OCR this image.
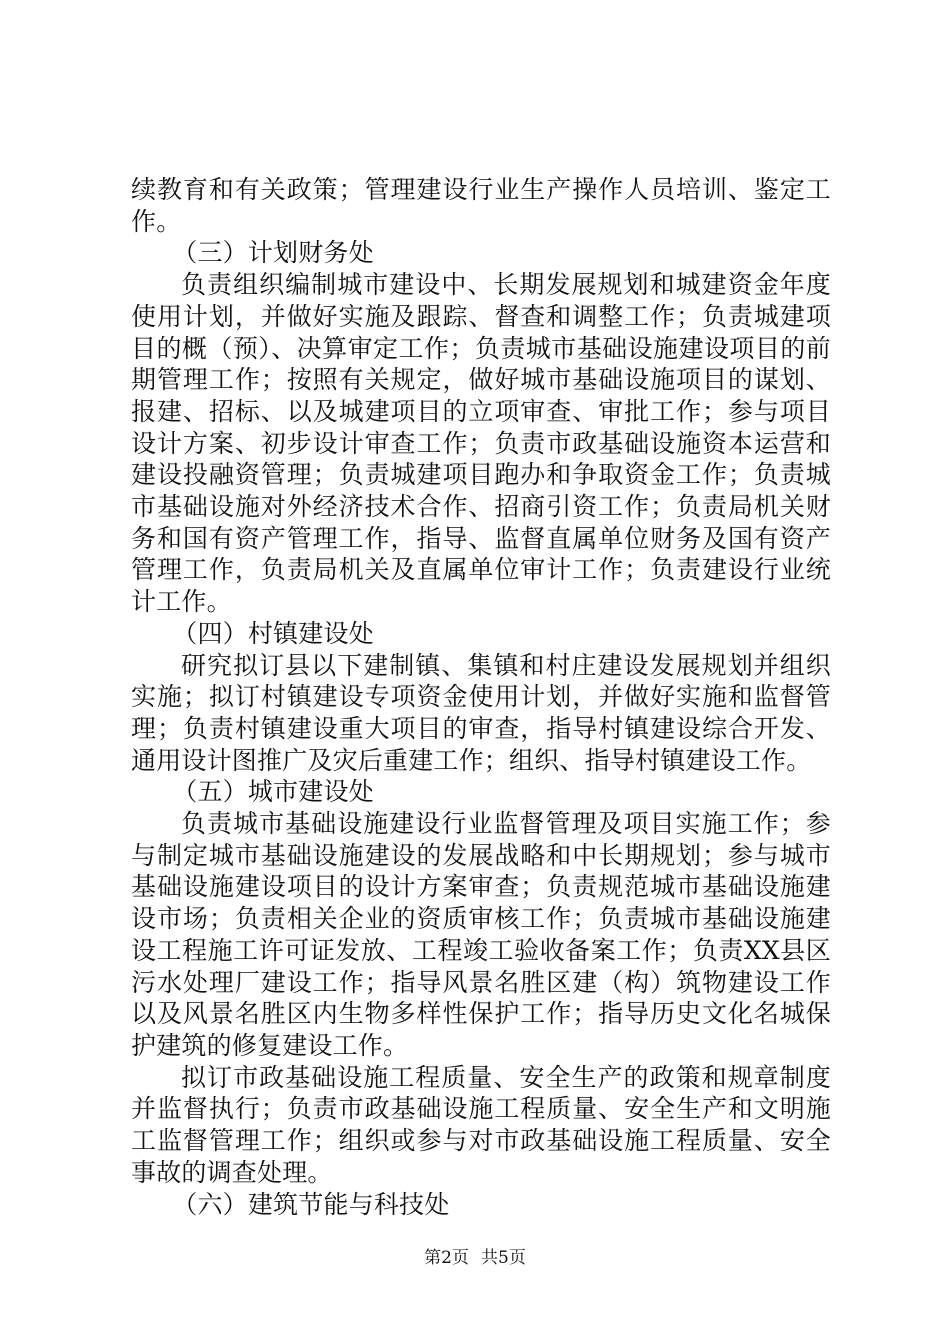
续教育和有关政策；管理建设行业生产操作人员培训、鉴定工作。

（三）计划财务处

负责组织编制城市建设中、长期发展规划和城建资金年度使用计划，并做好实施及跟踪、督查和调整工作；负责城建项目的概（预）、决算审定工作；负责城市基础设施建设项目的前期管理工作；按照有关规定，做好城市基础设施项目的谋划、报建、招标、以及城建项目的立项审查、审批工作；参与项目设计方案、初步设计审查工作；负责市政基础设施资本运营和建设投融资管理；负责城建项目跑办和争取资金工作；负责城市基础设施对外经济技术合作、招商引资工作；负责局机关财务和国有资产管理工作，指导、监督直属单位财务及国有资产管理工作，负责局机关及直属单位审计工作；负责建设行业统计工作。

（四）村镇建设处

研究拟订县以下建制镇、集镇和村庄建设发展规划并组织实施；拟订村镇建设专项资金使用计划，并做好实施和监督管理；负责村镇建设重大项目的审查，指导村镇建设综合开发、通用设计图推广及灾后重建工作；组织、指导村镇建设工作。

（五）城市建设处

负责城市基础设施建设行业监督管理及项目实施工作；参与制定城市基础设施建设的发展战略和中长期规划；参与城市基础设施建设项目的设计方案审查；负责规范城市基础设施建设市场；负责相关企业的资质审核工作；负责城市基础设施建设工程施工许可证发放、工程竣工验收备案工作；负责XX县区污水处理厂建设工作；指导风景名胜区建（构）筑物建设工作以及风景名胜区内生物多样性保护工作；指导历史文化名城保护建筑的修复建设工作。

拟订市政基础设施工程质量、安全生产的政策和规章制度并监督执行；负责市政基础设施工程质量、安全生产和文明施工监督管理工作；组织或参与对市政基础设施工程质量、安全事故的调查处理。

（六）建筑节能与科技处

第2页 共5页
